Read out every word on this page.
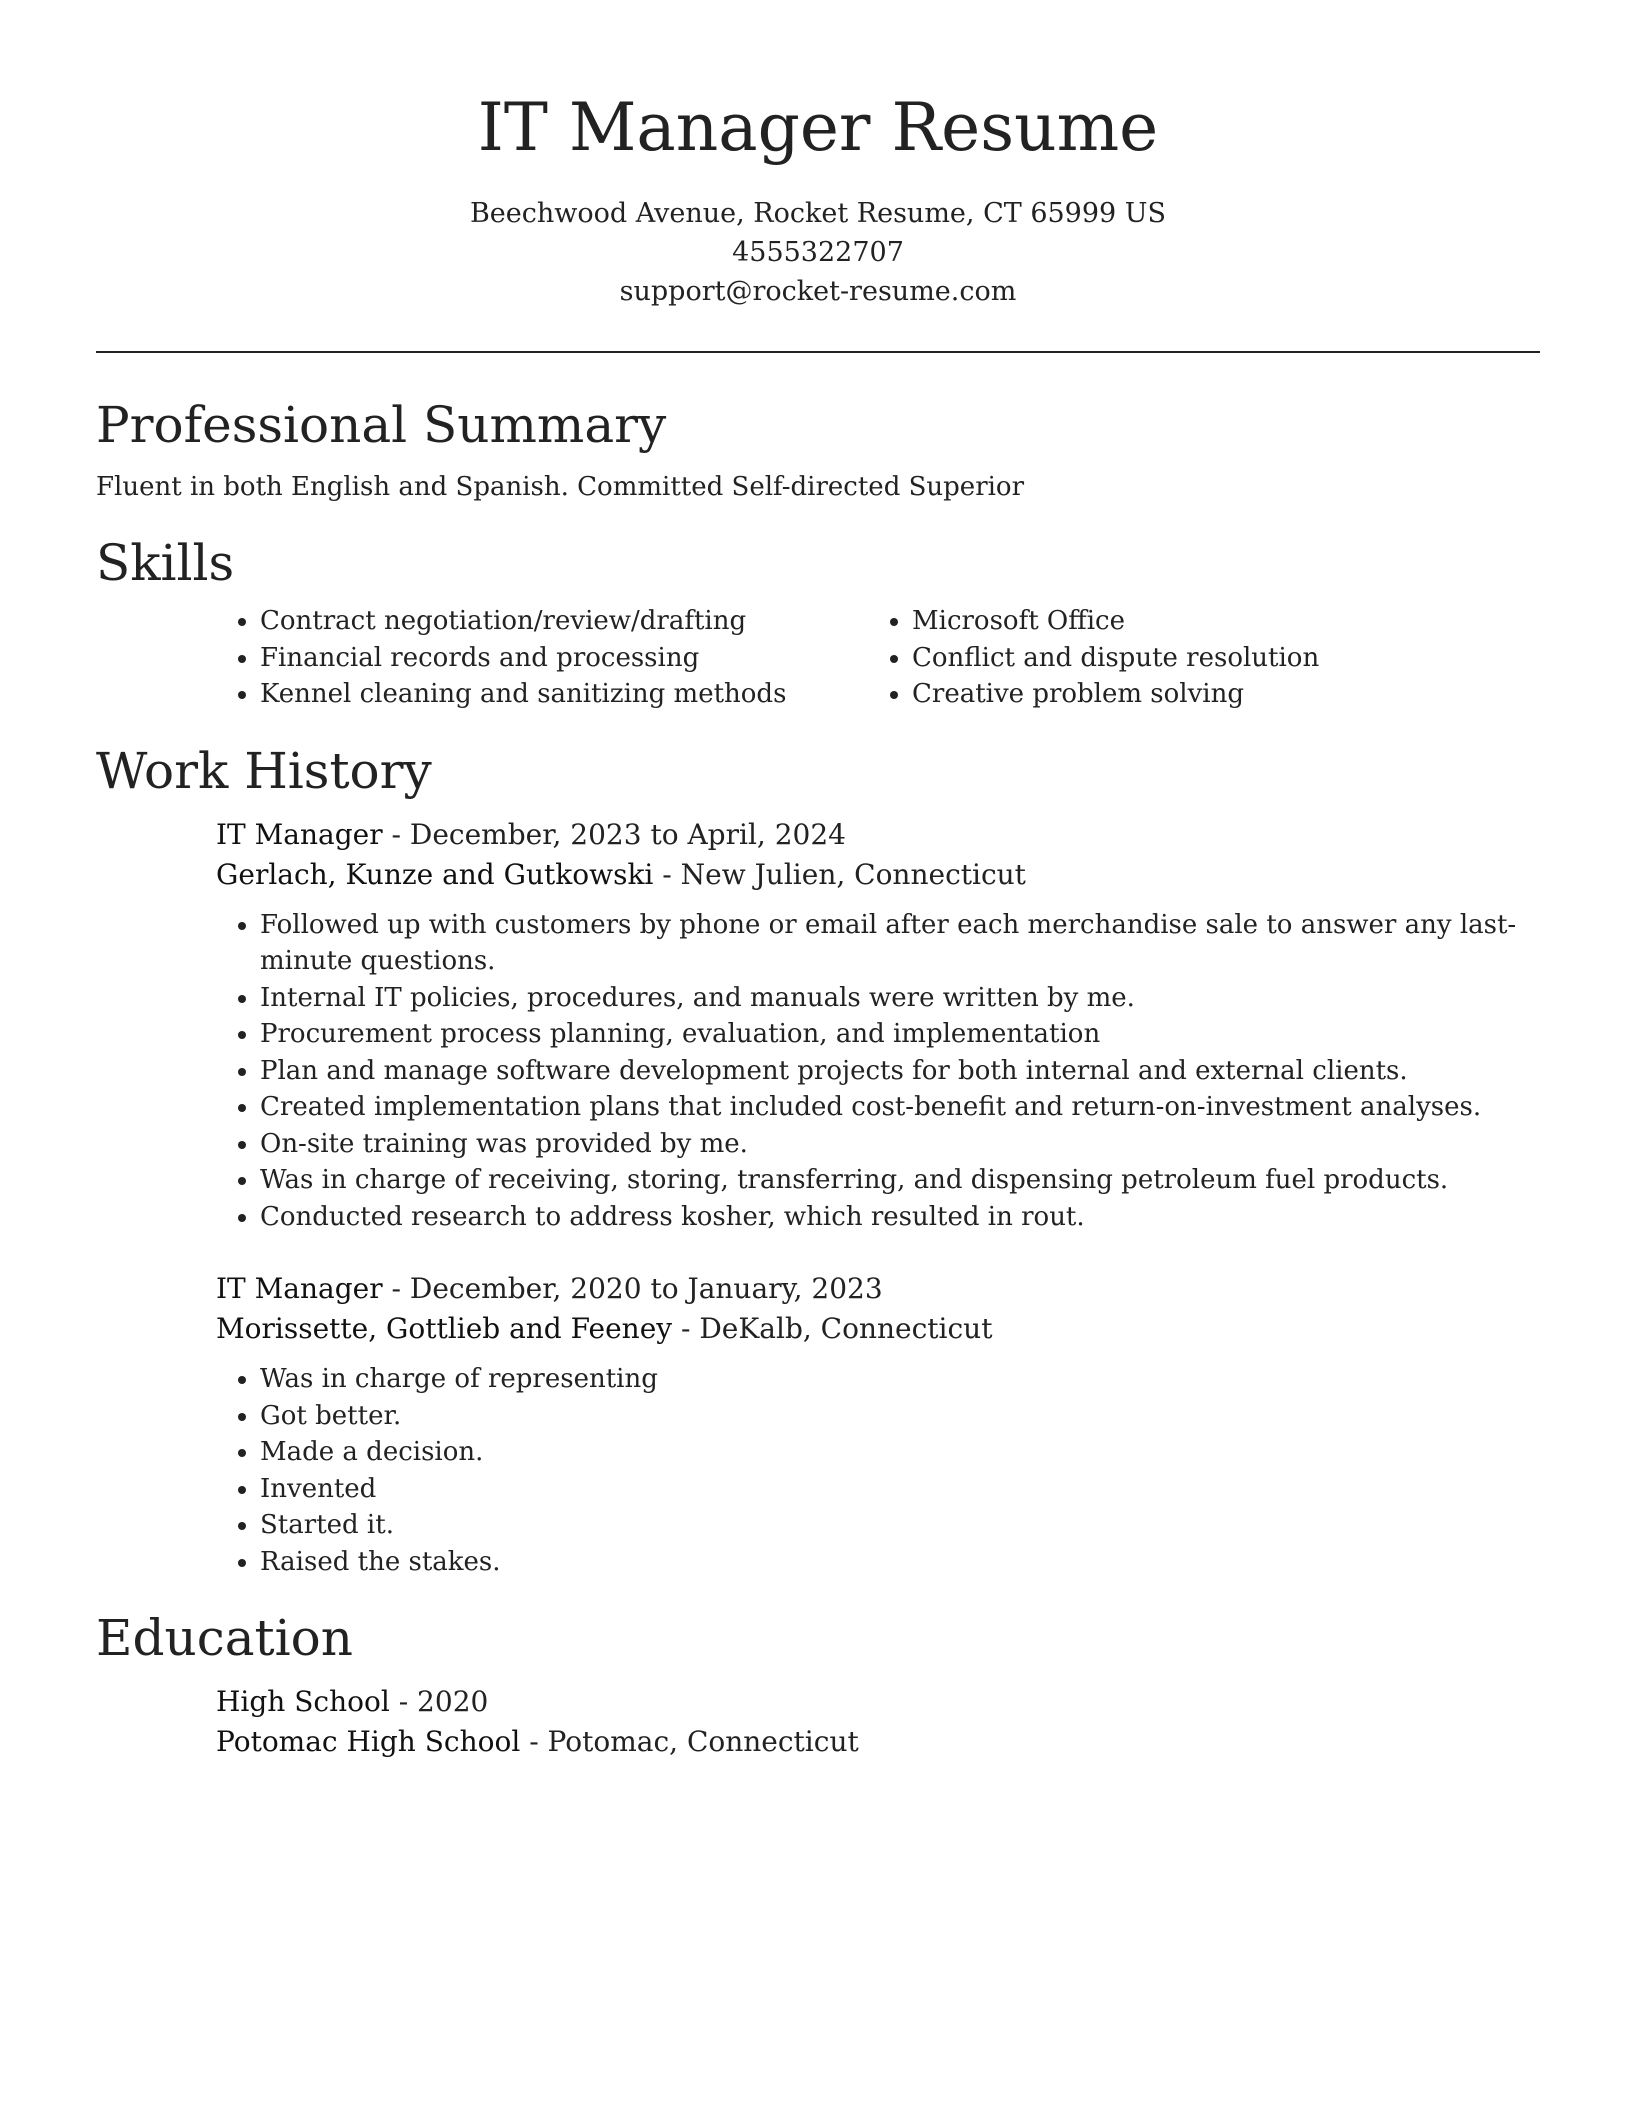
IT Manager Resume

Beechwood Avenue, Rocket Resume, CT 65999 US

4555322707

support@rocket-resume.com

Professional Summary

Fluent in both English and Spanish. Committed Self-directed Superior

Skills
• Contract negotiation/review/drafting
• Financial records and processing
• Kennel cleaning and sanitizing methods
• Microsoft Office
• Conflict and dispute resolution
• Creative problem solving
Work History

IT Manager - December, 2023 to April, 2024

Gerlach, Kunze and Gutkowski - New Julien, Connecticut

• Followed up with customers by phone or email after each merchandise sale to answer any last-minute questions.
• Internal IT policies, procedures, and manuals were written by me.
• Procurement process planning, evaluation, and implementation
• Plan and manage software development projects for both internal and external clients.
• Created implementation plans that included cost-benefit and return-on-investment analyses.
• On-site training was provided by me.
• Was in charge of receiving, storing, transferring, and dispensing petroleum fuel products.
• Conducted research to address kosher, which resulted in rout.

IT Manager - December, 2020 to January, 2023

Morissette, Gottlieb and Feeney - DeKalb, Connecticut

• Was in charge of representing
• Got better.
• Made a decision.
• Invented
• Started it.
• Raised the stakes.
Education

High School - 2020

Potomac High School - Potomac, Connecticut
